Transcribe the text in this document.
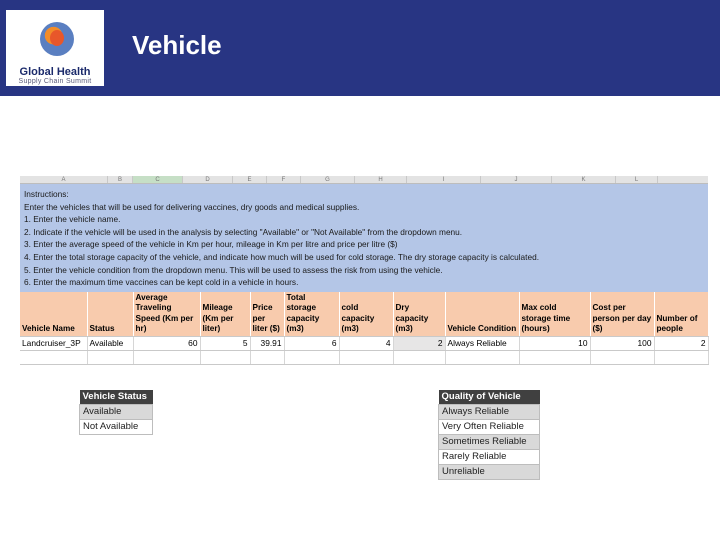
Global Health
Supply Chain Summit
Vehicle
A	B	C	D	E	F	G	H	I	J	K	L
Instructions:
Enter the vehicles that will be used for delivering vaccines, dry goods and medical supplies.
1. Enter the vehicle name.
2. Indicate if the vehicle will be used in the analysis by selecting "Available" or "Not Available" from the dropdown menu.
3. Enter the average speed of the vehicle in Km per hour, mileage in Km per litre and price per litre ($)
4. Enter the total storage capacity of the vehicle, and indicate how much will be used for cold storage. The dry storage capacity is calculated.
5. Enter the vehicle condition from the dropdown menu. This will be used to assess the risk from using the vehicle.
6. Enter the maximum time vaccines can be kept cold in a vehicle in hours.
Vehicle Name	Status	Average Traveling Speed (Km per hr)	Mileage (Km per liter)	Price per liter ($)	Total storage capacity (m3)	cold capacity (m3)	Dry capacity (m3)	Vehicle Condition	Max cold storage time (hours)	Cost per person per day ($)	Number of people
Landcruiser_3P	Available	60	5	39.91	6	4	2	Always Reliable	10	100	2

Vehicle Status
Available
Not Available
Quality of Vehicle
Always Reliable
Very Often Reliable
Sometimes Reliable
Rarely Reliable
Unreliable
